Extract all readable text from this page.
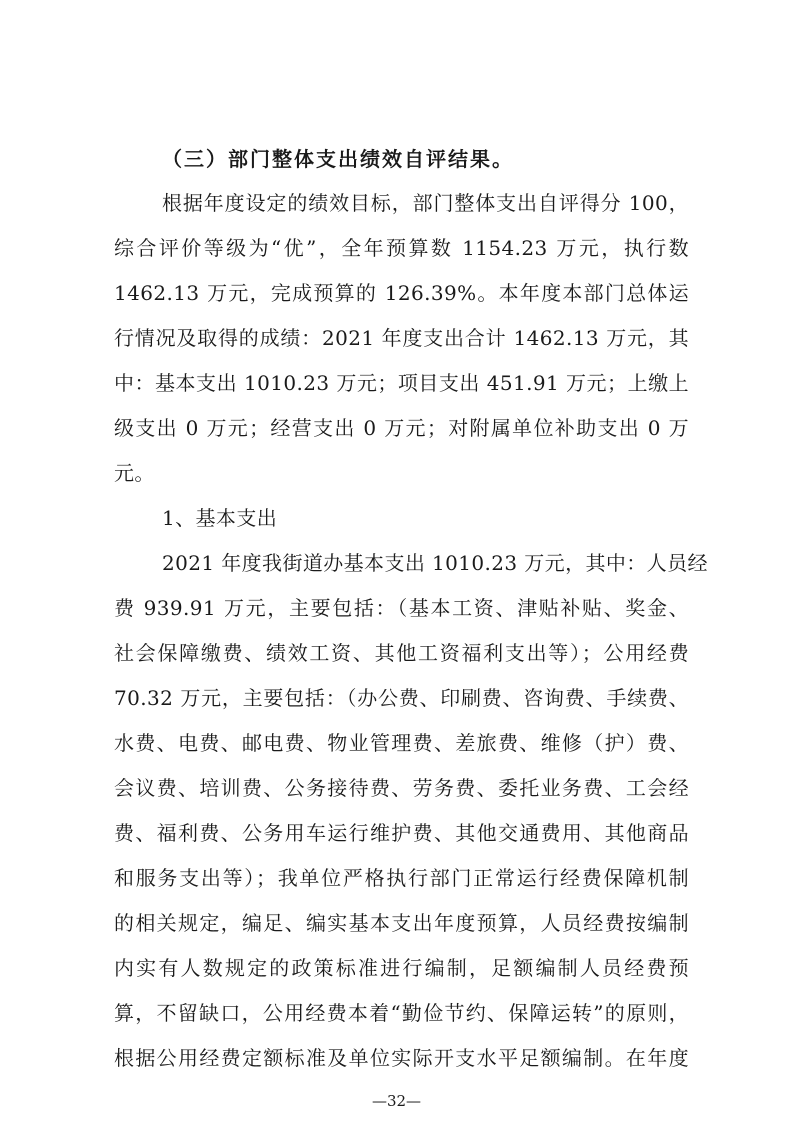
（三）部门整体支出绩效自评结果。
根据年度设定的绩效目标，部门整体支出自评得分 100，
综合评价等级为“优”，全年预算数 1154.23 万元，执行数
1462.13 万元，完成预算的 126.39%。本年度本部门总体运
行情况及取得的成绩：2021 年度支出合计 1462.13 万元，其
中：基本支出 1010.23 万元；项目支出 451.91 万元；上缴上
级支出 0 万元；经营支出 0 万元；对附属单位补助支出 0 万
元。
1、基本支出
2021 年度我街道办基本支出 1010.23 万元，其中：人员经
费 939.91 万元，主要包括：（基本工资、津贴补贴、奖金、
社会保障缴费、绩效工资、其他工资福利支出等）；公用经费
70.32 万元，主要包括：（办公费、印刷费、咨询费、手续费、
水费、电费、邮电费、物业管理费、差旅费、维修（护）费、
会议费、培训费、公务接待费、劳务费、委托业务费、工会经
费、福利费、公务用车运行维护费、其他交通费用、其他商品
和服务支出等）；我单位严格执行部门正常运行经费保障机制
的相关规定，编足、编实基本支出年度预算，人员经费按编制
内实有人数规定的政策标准进行编制，足额编制人员经费预
算，不留缺口，公用经费本着“勤俭节约、保障运转”的原则，
根据公用经费定额标准及单位实际开支水平足额编制。在年度
—32—
